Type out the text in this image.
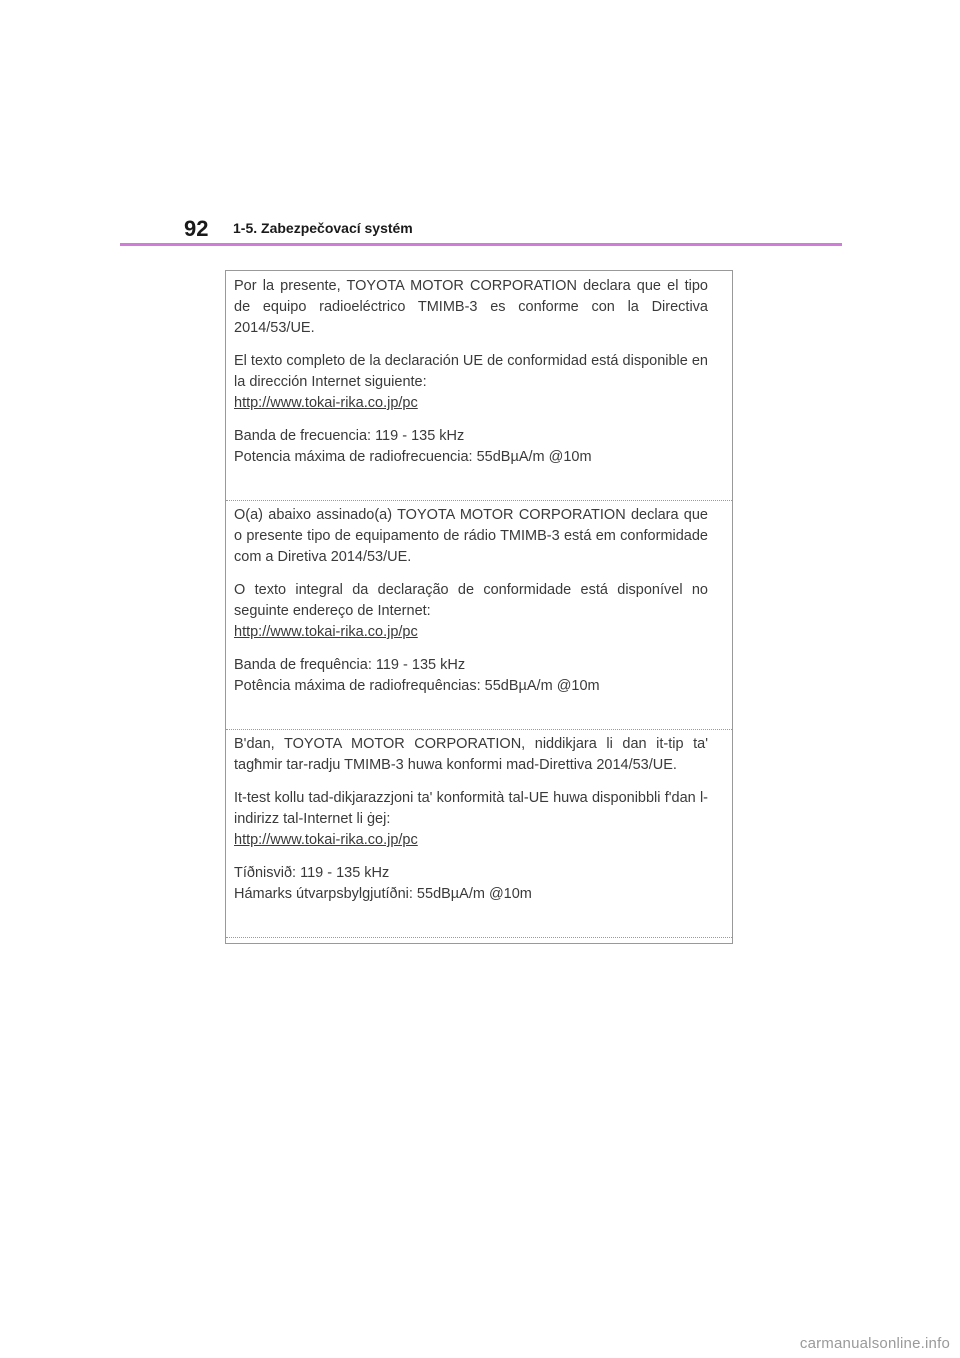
92 1-5. Zabezpečovací systém

Por la presente, TOYOTA MOTOR CORPORATION declara que el tipo de equipo radioeléctrico TMIMB-3 es conforme con la Directiva 2014/53/UE.

El texto completo de la declaración UE de conformidad está disponible en la dirección Internet siguiente:

http://www.tokai-rika.co.jp/pc

Banda de frecuencia: 119 - 135 kHz

Potencia máxima de radiofrecuencia: 55dBµA/m @10m

O(a) abaixo assinado(a) TOYOTA MOTOR CORPORATION declara que o presente tipo de equipamento de rádio TMIMB-3 está em conformidade com a Diretiva 2014/53/UE.

O texto integral da declaração de conformidade está disponível no seguinte endereço de Internet:

http://www.tokai-rika.co.jp/pc

Banda de frequência: 119 - 135 kHz

Potência máxima de radiofrequências: 55dBµA/m @10m

B'dan, TOYOTA MOTOR CORPORATION, niddikjara li dan it-tip ta' tagħmir tar-radju TMIMB-3 huwa konformi mad-Direttiva 2014/53/UE.

It-test kollu tad-dikjarazzjoni ta' konformità tal-UE huwa disponibbli f'dan l-indirizz tal-Internet li ġej:

http://www.tokai-rika.co.jp/pc

Tíðnisvið: 119 - 135 kHz

Hámarks útvarpsbylgjutíðni: 55dBµA/m @10m

carmanualsonline.info
